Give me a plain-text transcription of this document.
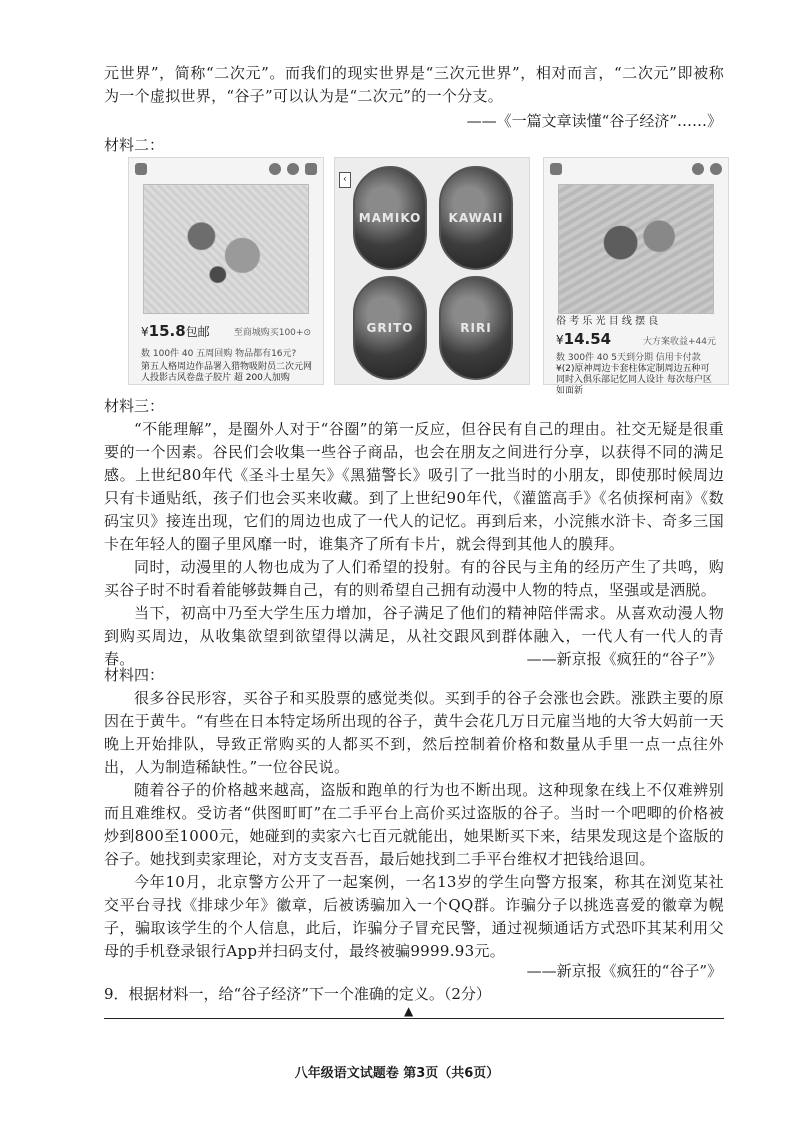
元世界”，简称“二次元”。而我们的现实世界是“三次元世界”，相对而言，“二次元”即被称为一个虚拟世界，“谷子”可以认为是“二次元”的一个分支。

——《一篇文章读懂“谷子经济”……》

材料二：

¥15.8包邮	至商城购买100+⊙
数 100件 40 五周回购 物品都有16元?
第五人格周边作品署入猎物吸附员二次元网人投影古风卷盘子胶片 超 200人加购
‹
MAMIKO	KAWAII
GRITO	RIRI	俗 考 乐 光 目 线 摆 良
¥14.54	大方案收益+44元
数 300件 40 5天到分期 信用卡付款
¥(2)原神周边卡套柱体定制周边五种可同时入俱乐部记忆同人设计 每次每户区如面新

材料三：

“不能理解”，是圈外人对于“谷圈”的第一反应，但谷民有自己的理由。社交无疑是很重要的一个因素。谷民们会收集一些谷子商品，也会在朋友之间进行分享，以获得不同的满足感。上世纪80年代《圣斗士星矢》《黑猫警长》吸引了一批当时的小朋友，即使那时候周边只有卡通贴纸，孩子们也会买来收藏。到了上世纪90年代，《灌篮高手》《名侦探柯南》《数码宝贝》接连出现，它们的周边也成了一代人的记忆。再到后来，小浣熊水浒卡、奇多三国卡在年轻人的圈子里风靡一时，谁集齐了所有卡片，就会得到其他人的膜拜。

同时，动漫里的人物也成为了人们希望的投射。有的谷民与主角的经历产生了共鸣，购买谷子时不时看着能够鼓舞自己，有的则希望自己拥有动漫中人物的特点，坚强或是洒脱。

当下，初高中乃至大学生压力增加，谷子满足了他们的精神陪伴需求。从喜欢动漫人物到购买周边，从收集欲望到欲望得以满足，从社交跟风到群体融入，一代人有一代人的青春。	——新京报《疯狂的“谷子”》

材料四：

很多谷民形容，买谷子和买股票的感觉类似。买到手的谷子会涨也会跌。涨跌主要的原因在于黄牛。“有些在日本特定场所出现的谷子，黄牛会花几万日元雇当地的大爷大妈前一天晚上开始排队，导致正常购买的人都买不到，然后控制着价格和数量从手里一点一点往外出，人为制造稀缺性。”一位谷民说。

随着谷子的价格越来越高，盗版和跑单的行为也不断出现。这种现象在线上不仅难辨别而且难维权。受访者“供图町町”在二手平台上高价买过盗版的谷子。当时一个吧唧的价格被炒到800至1000元，她碰到的卖家六七百元就能出，她果断买下来，结果发现这是个盗版的谷子。她找到卖家理论，对方支支吾吾，最后她找到二手平台维权才把钱给退回。

今年10月，北京警方公开了一起案例，一名13岁的学生向警方报案，称其在浏览某社交平台寻找《排球少年》徽章，后被诱骗加入一个QQ群。诈骗分子以挑选喜爱的徽章为幌子，骗取该学生的个人信息，此后，诈骗分子冒充民警，通过视频通话方式恐吓其某利用父母的手机登录银行App并扫码支付，最终被骗9999.93元。

——新京报《疯狂的“谷子”》

9．根据材料一，给“谷子经济”下一个准确的定义。（2分）

▲
八年级语文试题卷 第3页（共6页）
